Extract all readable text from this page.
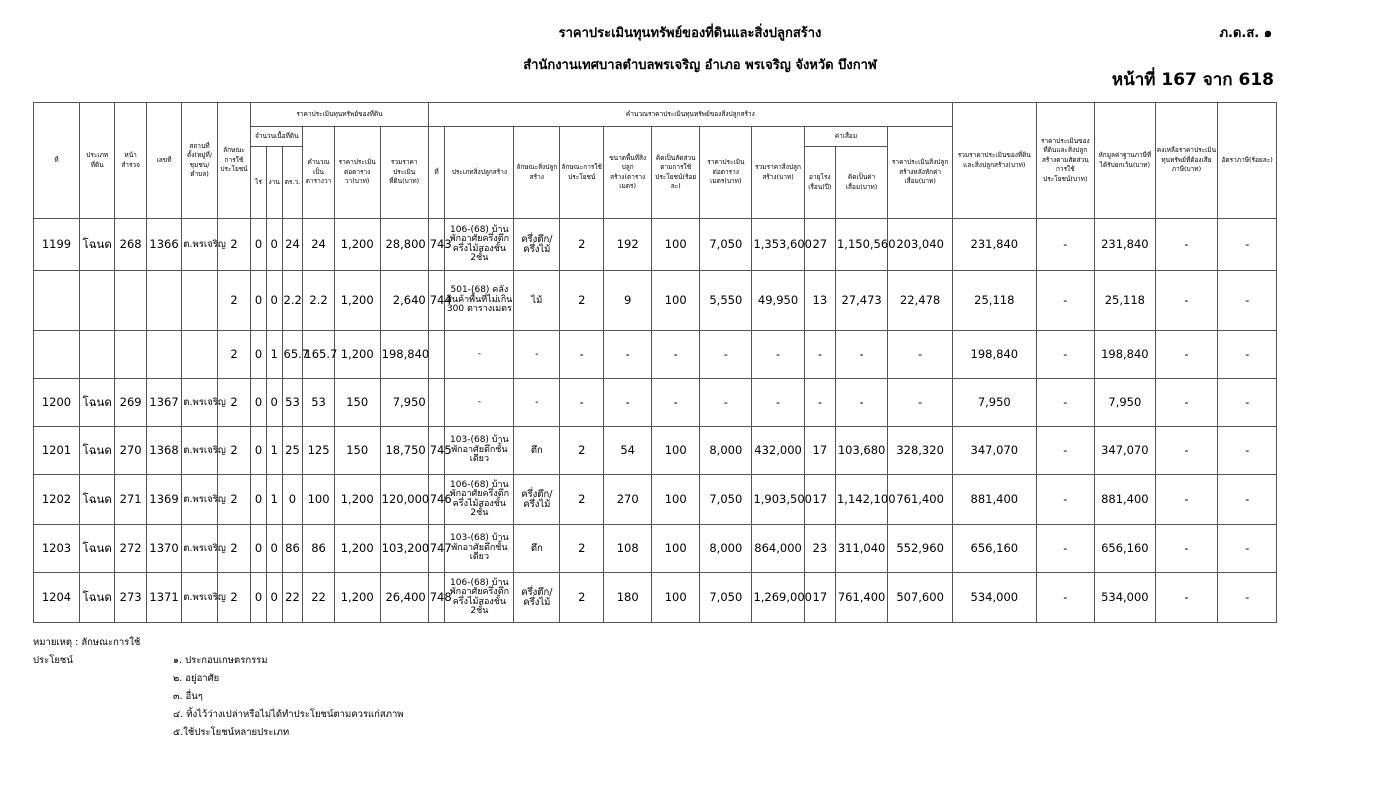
ราคาประเมินทุนทรัพย์ของที่ดินและสิ่งปลูกสร้าง
สำนักงานเทศบาลตำบลพรเจริญ อำเภอ พรเจริญ จังหวัด บึงกาฬ
ภ.ด.ส. ๑
หน้าที่ 167 จาก 618
ที่	ประเภทที่ดิน	หน้าสำรวจ	เลขที่	สถานที่ตั้ง(หมู่ที่/ชุมชน/ตำบล)	ลักษณะการใช้ประโยชน์	ราคาประเมินทุนทรัพย์ของที่ดิน						คำนวณราคาประเมินทุนทรัพย์ของสิ่งปลูกสร้าง											รวมราคาประเมินของที่ดินและสิ่งปลูกสร้าง(บาท)	ราคาประเมินของที่ดินและสิ่งปลูกสร้างตามสัดส่วนการใช้ประโยชน์(บาท)	หักมูลค่าฐานภาษีที่ได้รับยกเว้น(บาท)	คงเหลือราคาประเมินทุนทรัพย์ที่ต้องเสียภาษี(บาท)	อัตราภาษี(ร้อยละ)
						จำนวนเนื้อที่ดิน			คำนวณเป็นตารางวา	ราคาประเมินต่อตารางวา(บาท)	รวมราคาประเมินที่ดิน(บาท)	ที่	ประเภทสิ่งปลูกสร้าง	ลักษณะสิ่งปลูกสร้าง	ลักษณะการใช้ประโยชน์	ขนาดพื้นที่สิ่งปลูกสร้าง(ตารางเมตร)	คิดเป็นสัดส่วนตามการใช้ประโยชน์(ร้อยละ)	ราคาประเมินต่อตารางเมตร(บาท)	รวมราคาสิ่งปลูกสร้าง(บาท)	ค่าเสื่อม		ราคาประเมินสิ่งปลูกสร้างหลังหักค่าเสื่อม(บาท)					
						ไร่	งาน	ตร.ว.												อายุโรงเรือน(ปี)	คิดเป็นค่าเสื่อม(บาท)						
1199	โฉนด	268	1366	ต.พรเจริญ	2	0	0	24	24	1,200	28,800	743	106-(68) บ้านพักอาศัยครึ่งตึกครึ่งไม้สองชั้น 2ชั้น	ครึ่งตึก/ครึ่งไม้	2	192	100	7,050	1,353,600	27	1,150,560	203,040	231,840	-	231,840	-	-
					2	0	0	2.2	2.2	1,200	2,640	744	501-(68) คลังสินค้าพื้นที่ไม่เกิน 300 ตารางเมตร	ไม้	2	9	100	5,550	49,950	13	27,473	22,478	25,118	-	25,118	-	-
					2	0	1	65.7	165.7	1,200	198,840		-	-	-	-	-	-	-	-	-	-	198,840	-	198,840	-	-
1200	โฉนด	269	1367	ต.พรเจริญ	2	0	0	53	53	150	7,950		-	-	-	-	-	-	-	-	-	-	7,950	-	7,950	-	-
1201	โฉนด	270	1368	ต.พรเจริญ	2	0	1	25	125	150	18,750	745	103-(68) บ้านพักอาศัยตึกชั้นเดียว	ตึก	2	54	100	8,000	432,000	17	103,680	328,320	347,070	-	347,070	-	-
1202	โฉนด	271	1369	ต.พรเจริญ	2	0	1	0	100	1,200	120,000	746	106-(68) บ้านพักอาศัยครึ่งตึกครึ่งไม้สองชั้น 2ชั้น	ครึ่งตึก/ครึ่งไม้	2	270	100	7,050	1,903,500	17	1,142,100	761,400	881,400	-	881,400	-	-
1203	โฉนด	272	1370	ต.พรเจริญ	2	0	0	86	86	1,200	103,200	747	103-(68) บ้านพักอาศัยตึกชั้นเดียว	ตึก	2	108	100	8,000	864,000	23	311,040	552,960	656,160	-	656,160	-	-
1204	โฉนด	273	1371	ต.พรเจริญ	2	0	0	22	22	1,200	26,400	748	106-(68) บ้านพักอาศัยครึ่งตึกครึ่งไม้สองชั้น 2ชั้น	ครึ่งตึก/ครึ่งไม้	2	180	100	7,050	1,269,000	17	761,400	507,600	534,000	-	534,000	-	-
หมายเหตุ : ลักษณะการใช้ประโยชน์	๑. ประกอบเกษตรกรรม
๒. อยู่อาศัย
๓. อื่นๆ
๔. ทิ้งไว้ว่างเปล่าหรือไม่ได้ทำประโยชน์ตามควรแก่สภาพ
๕.ใช้ประโยชน์หลายประเภท
